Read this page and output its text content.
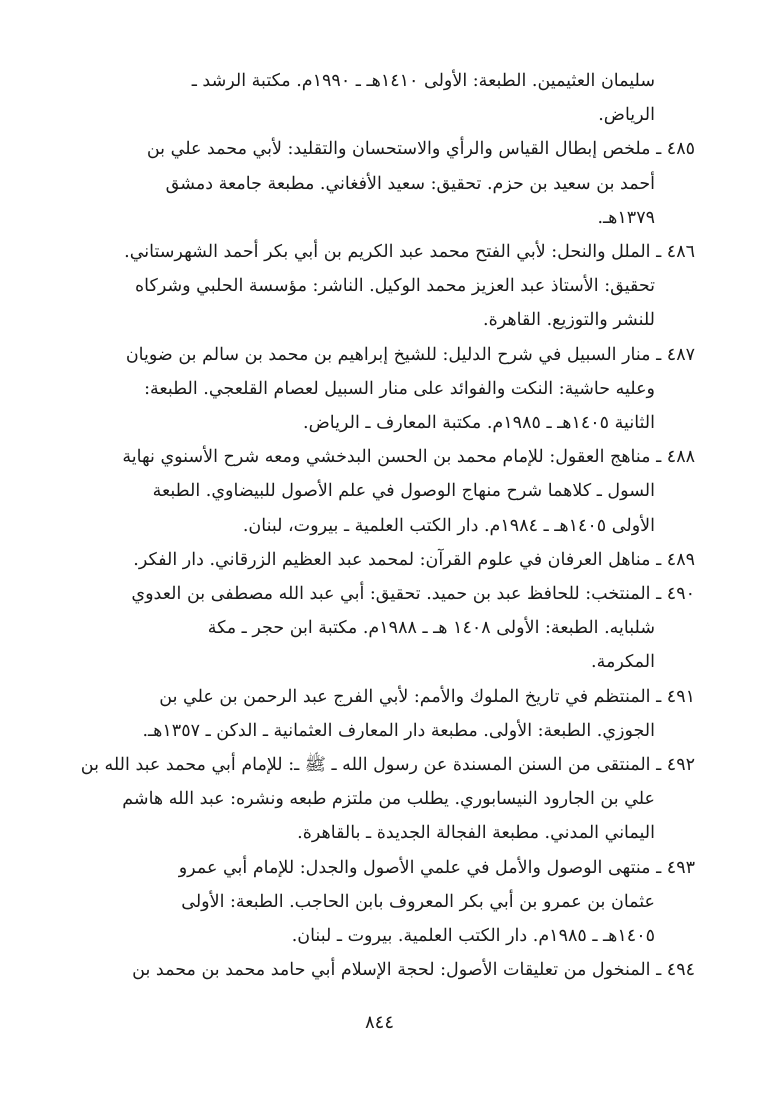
سليمان العثيمين. الطبعة: الأولى ١٤١٠هـ ـ ١٩٩٠م. مكتبة الرشد ـ
الرياض.
٤٨٥ ـ ملخص إبطال القياس والرأي والاستحسان والتقليد: لأبي محمد علي بن
أحمد بن سعيد بن حزم. تحقيق: سعيد الأفغاني. مطبعة جامعة دمشق
١٣٧٩هـ.
٤٨٦ ـ الملل والنحل: لأبي الفتح محمد عبد الكريم بن أبي بكر أحمد الشهرستاني.
تحقيق: الأستاذ عبد العزيز محمد الوكيل. الناشر: مؤسسة الحلبي وشركاه
للنشر والتوزيع. القاهرة.
٤٨٧ ـ منار السبيل في شرح الدليل: للشيخ إبراهيم بن محمد بن سالم بن ضويان
وعليه حاشية: النكت والفوائد على منار السبيل لعصام القلعجي. الطبعة:
الثانية ١٤٠٥هـ ـ ١٩٨٥م. مكتبة المعارف ـ الرياض.
٤٨٨ ـ مناهج العقول: للإمام محمد بن الحسن البدخشي ومعه شرح الأسنوي نهاية
السول ـ كلاهما شرح منهاج الوصول في علم الأصول للبيضاوي. الطبعة
الأولى ١٤٠٥هـ ـ ١٩٨٤م. دار الكتب العلمية ـ بيروت، لبنان.
٤٨٩ ـ مناهل العرفان في علوم القرآن: لمحمد عبد العظيم الزرقاني. دار الفكر.
٤٩٠ ـ المنتخب: للحافظ عبد بن حميد. تحقيق: أبي عبد الله مصطفى بن العدوي
شلبايه. الطبعة: الأولى ١٤٠٨ هـ ـ ١٩٨٨م. مكتبة ابن حجر ـ مكة
المكرمة.
٤٩١ ـ المنتظم في تاريخ الملوك والأمم: لأبي الفرج عبد الرحمن بن علي بن
الجوزي. الطبعة: الأولى. مطبعة دار المعارف العثمانية ـ الدكن ـ ١٣٥٧هـ.
٤٩٢ ـ المنتقى من السنن المسندة عن رسول الله ـ ﷺ ـ: للإمام أبي محمد عبد الله بن
علي بن الجارود النيسابوري. يطلب من ملتزم طبعه ونشره: عبد الله هاشم
اليماني المدني. مطبعة الفجالة الجديدة ـ بالقاهرة.
٤٩٣ ـ منتهى الوصول والأمل في علمي الأصول والجدل: للإمام أبي عمرو
عثمان بن عمرو بن أبي بكر المعروف بابن الحاجب. الطبعة: الأولى
١٤٠٥هـ ـ ١٩٨٥م. دار الكتب العلمية. بيروت ـ لبنان.
٤٩٤ ـ المنخول من تعليقات الأصول: لحجة الإسلام أبي حامد محمد بن محمد بن
٨٤٤
